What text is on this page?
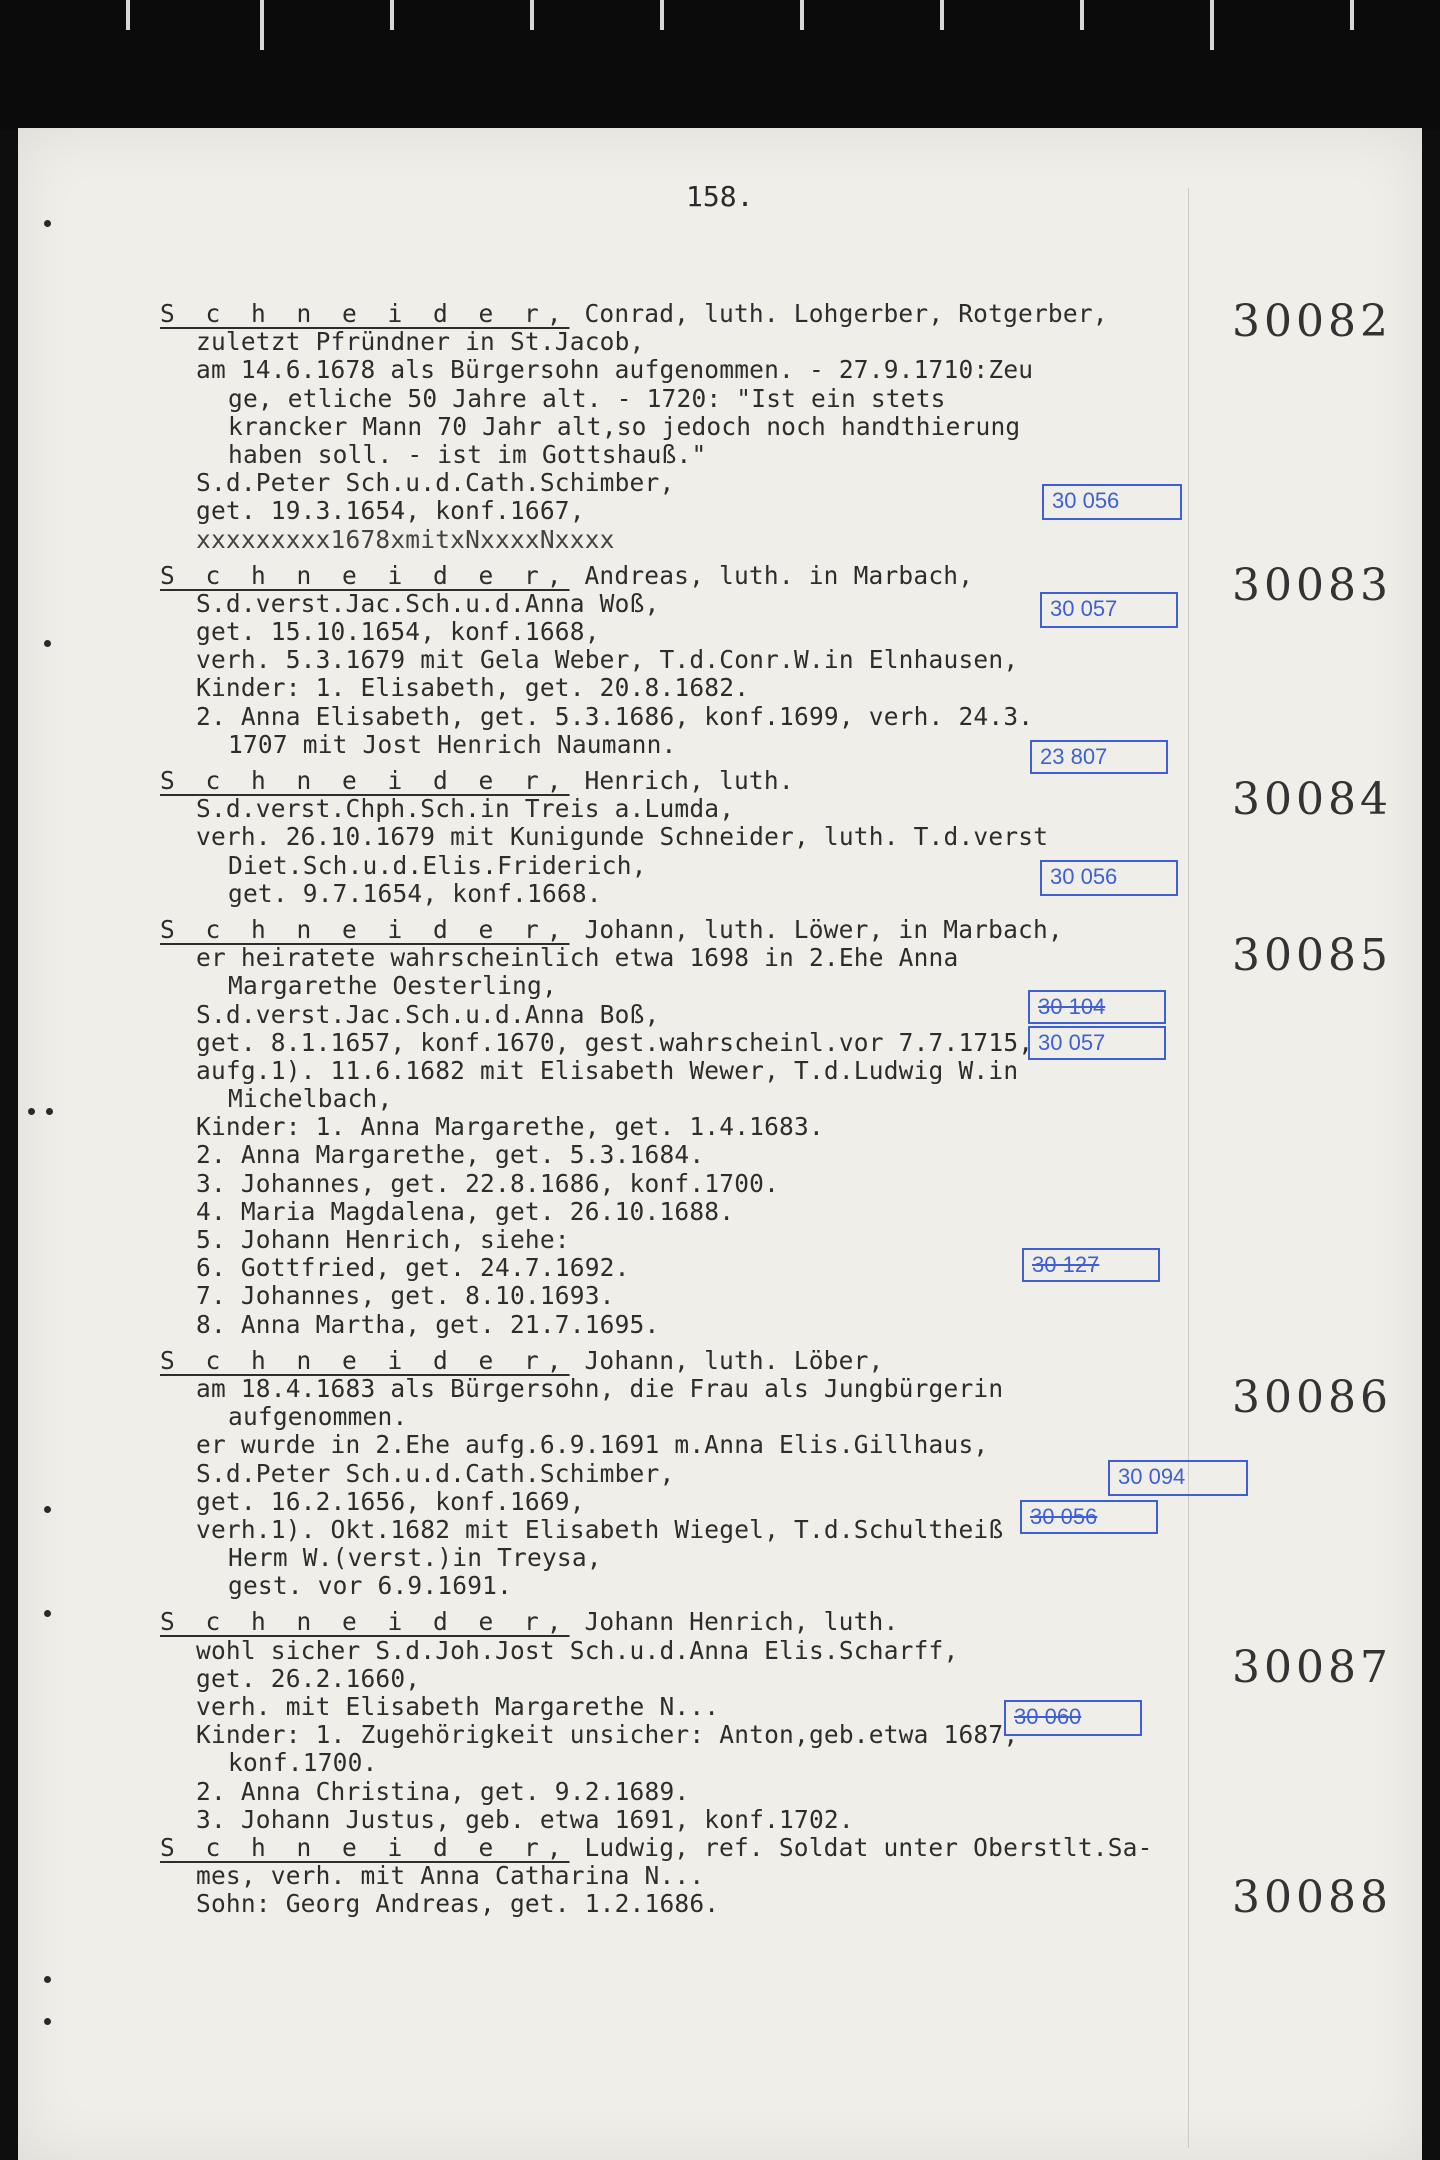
158.
30082
30083
30084
30085
30086
30087
30088
S c h n e i d e r, Conrad, luth. Lohgerber, Rotgerber,
zuletzt Pfründner in St.Jacob,
am 14.6.1678 als Bürgersohn aufgenommen. - 27.9.1710:Zeu
ge, etliche 50 Jahre alt. - 1720: "Ist ein stets
krancker Mann 70 Jahr alt,so jedoch noch handthierung
haben soll. - ist im Gottshauß."
S.d.Peter Sch.u.d.Cath.Schimber,
get. 19.3.1654, konf.1667,
xxxxxxxxx1678xmitxNxxxxNxxxx
S c h n e i d e r, Andreas, luth. in Marbach,
S.d.verst.Jac.Sch.u.d.Anna Woß,
get. 15.10.1654, konf.1668,
verh. 5.3.1679 mit Gela Weber, T.d.Conr.W.in Elnhausen,
Kinder: 1. Elisabeth, get. 20.8.1682.
2. Anna Elisabeth, get. 5.3.1686, konf.1699, verh. 24.3.
1707 mit Jost Henrich Naumann.
S c h n e i d e r, Henrich, luth.
S.d.verst.Chph.Sch.in Treis a.Lumda,
verh. 26.10.1679 mit Kunigunde Schneider, luth. T.d.verst
Diet.Sch.u.d.Elis.Friderich,
get. 9.7.1654, konf.1668.
S c h n e i d e r, Johann, luth. Löwer, in Marbach,
er heiratete wahrscheinlich etwa 1698 in 2.Ehe Anna
Margarethe Oesterling,
S.d.verst.Jac.Sch.u.d.Anna Boß,
get. 8.1.1657, konf.1670, gest.wahrscheinl.vor 7.7.1715,
aufg.1). 11.6.1682 mit Elisabeth Wewer, T.d.Ludwig W.in
Michelbach,
Kinder: 1. Anna Margarethe, get. 1.4.1683.
2. Anna Margarethe, get. 5.3.1684.
3. Johannes, get. 22.8.1686, konf.1700.
4. Maria Magdalena, get. 26.10.1688.
5. Johann Henrich, siehe:
6. Gottfried, get. 24.7.1692.
7. Johannes, get. 8.10.1693.
8. Anna Martha, get. 21.7.1695.
S c h n e i d e r, Johann, luth. Löber,
am 18.4.1683 als Bürgersohn, die Frau als Jungbürgerin
aufgenommen.
er wurde in 2.Ehe aufg.6.9.1691 m.Anna Elis.Gillhaus,
S.d.Peter Sch.u.d.Cath.Schimber,
get. 16.2.1656, konf.1669,
verh.1). Okt.1682 mit Elisabeth Wiegel, T.d.Schultheiß
Herm W.(verst.)in Treysa,
gest. vor 6.9.1691.
S c h n e i d e r, Johann Henrich, luth.
wohl sicher S.d.Joh.Jost Sch.u.d.Anna Elis.Scharff,
get. 26.2.1660,
verh. mit Elisabeth Margarethe N...
Kinder: 1. Zugehörigkeit unsicher: Anton,geb.etwa 1687,
konf.1700.
2. Anna Christina, get. 9.2.1689.
3. Johann Justus, geb. etwa 1691, konf.1702.
S c h n e i d e r, Ludwig, ref. Soldat unter Oberstlt.Sa-
mes, verh. mit Anna Catharina N...
Sohn: Georg Andreas, get. 1.2.1686.
30 056
30 057
23 807
30 056
30 104
30 057
30 127
30 094
30 056
30 060
